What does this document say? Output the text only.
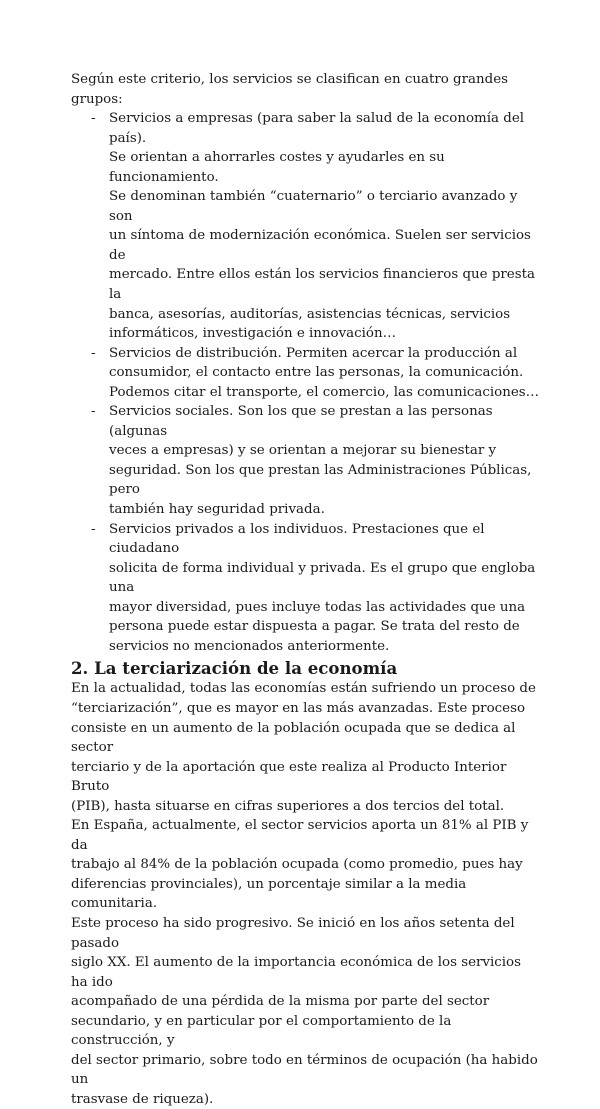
Según este criterio, los servicios se clasifican en cuatro grandes grupos:

- Servicios a empresas (para saber la salud de la economía del país).
Se orientan a ahorrarles costes y ayudarles en su funcionamiento.
Se denominan también “cuaternario” o terciario avanzado y son
un síntoma de modernización económica. Suelen ser servicios de
mercado. Entre ellos están los servicios financieros que presta la
banca, asesorías, auditorías, asistencias técnicas, servicios
informáticos, investigación e innovación…
- Servicios de distribución. Permiten acercar la producción al
consumidor, el contacto entre las personas, la comunicación.
Podemos citar el transporte, el comercio, las comunicaciones…
- Servicios sociales. Son los que se prestan a las personas (algunas
veces a empresas) y se orientan a mejorar su bienestar y
seguridad. Son los que prestan las Administraciones Públicas, pero
también hay seguridad privada.
- Servicios privados a los individuos. Prestaciones que el ciudadano
solicita de forma individual y privada. Es el grupo que engloba una
mayor diversidad, pues incluye todas las actividades que una
persona puede estar dispuesta a pagar. Se trata del resto de
servicios no mencionados anteriormente.
2. La terciarización de la economía

En la actualidad, todas las economías están sufriendo un proceso de
“terciarización”, que es mayor en las más avanzadas. Este proceso
consiste en un aumento de la población ocupada que se dedica al sector
terciario y de la aportación que este realiza al Producto Interior Bruto
(PIB), hasta situarse en cifras superiores a dos tercios del total.

En España, actualmente, el sector servicios aporta un 81% al PIB y da
trabajo al 84% de la población ocupada (como promedio, pues hay
diferencias provinciales), un porcentaje similar a la media comunitaria.
Este proceso ha sido progresivo. Se inició en los años setenta del pasado
siglo XX. El aumento de la importancia económica de los servicios ha ido
acompañado de una pérdida de la misma por parte del sector
secundario, y en particular por el comportamiento de la construcción, y
del sector primario, sobre todo en términos de ocupación (ha habido un
trasvase de riqueza).
